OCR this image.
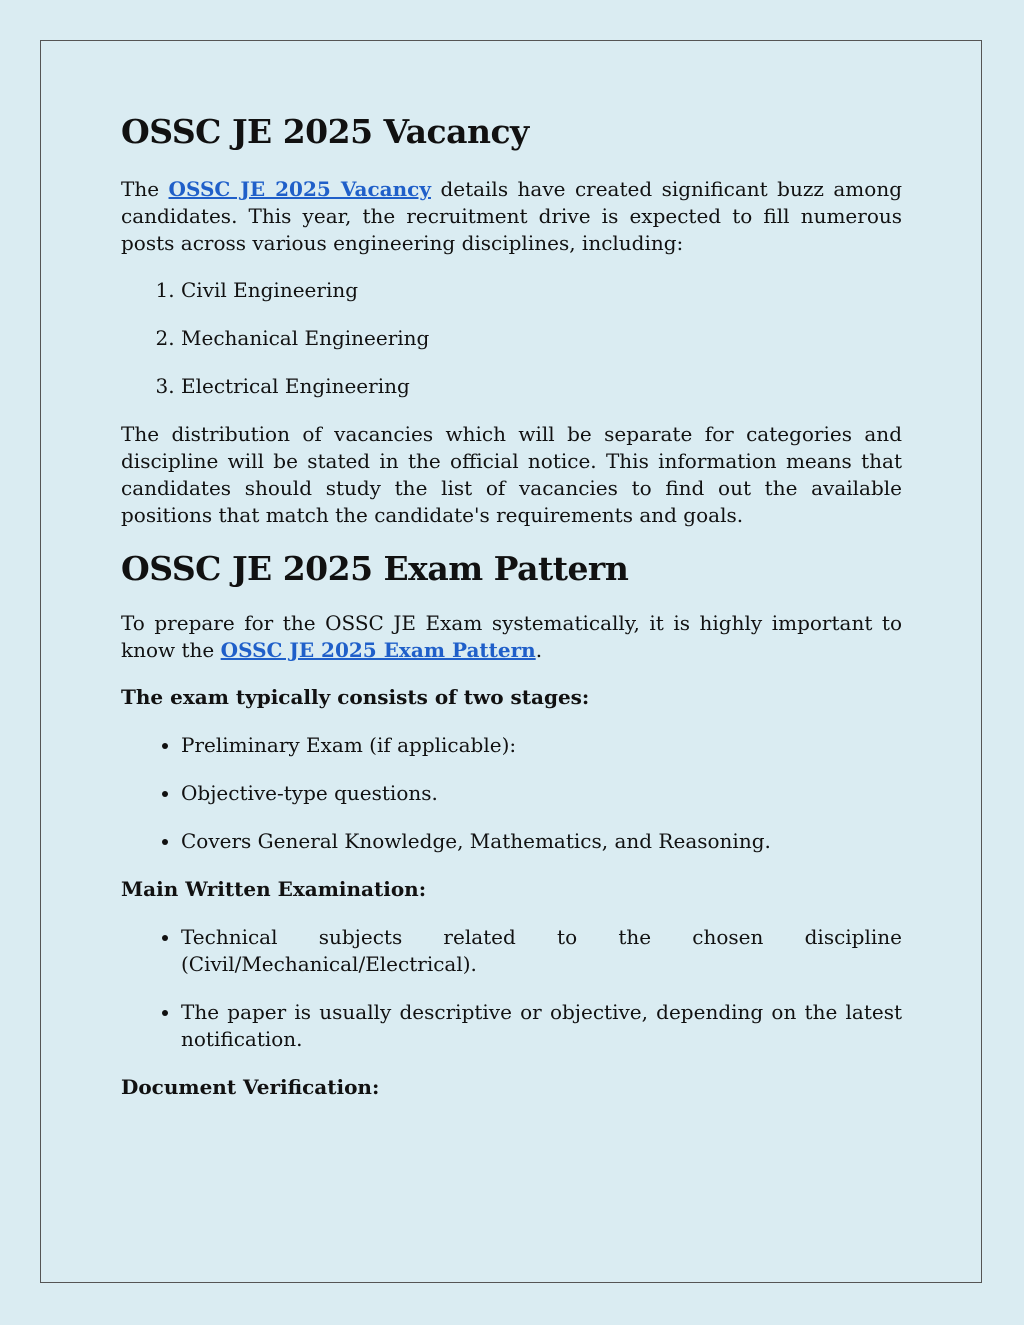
OSSC JE 2025 Vacancy

The OSSC JE 2025 Vacancy details have created significant buzz among candidates. This year, the recruitment drive is expected to fill numerous posts across various engineering disciplines, including:

1. Civil Engineering
2. Mechanical Engineering
3. Electrical Engineering

The distribution of vacancies which will be separate for categories and discipline will be stated in the official notice. This information means that candidates should study the list of vacancies to find out the available positions that match the candidate's requirements and goals.

OSSC JE 2025 Exam Pattern

To prepare for the OSSC JE Exam systematically, it is highly important to know the OSSC JE 2025 Exam Pattern.

The exam typically consists of two stages:
• Preliminary Exam (if applicable):
• Objective-type questions.
• Covers General Knowledge, Mathematics, and Reasoning.
Main Written Examination:
• Technical subjects related to the chosen discipline (Civil/Mechanical/Electrical).
• The paper is usually descriptive or objective, depending on the latest notification.
Document Verification:
